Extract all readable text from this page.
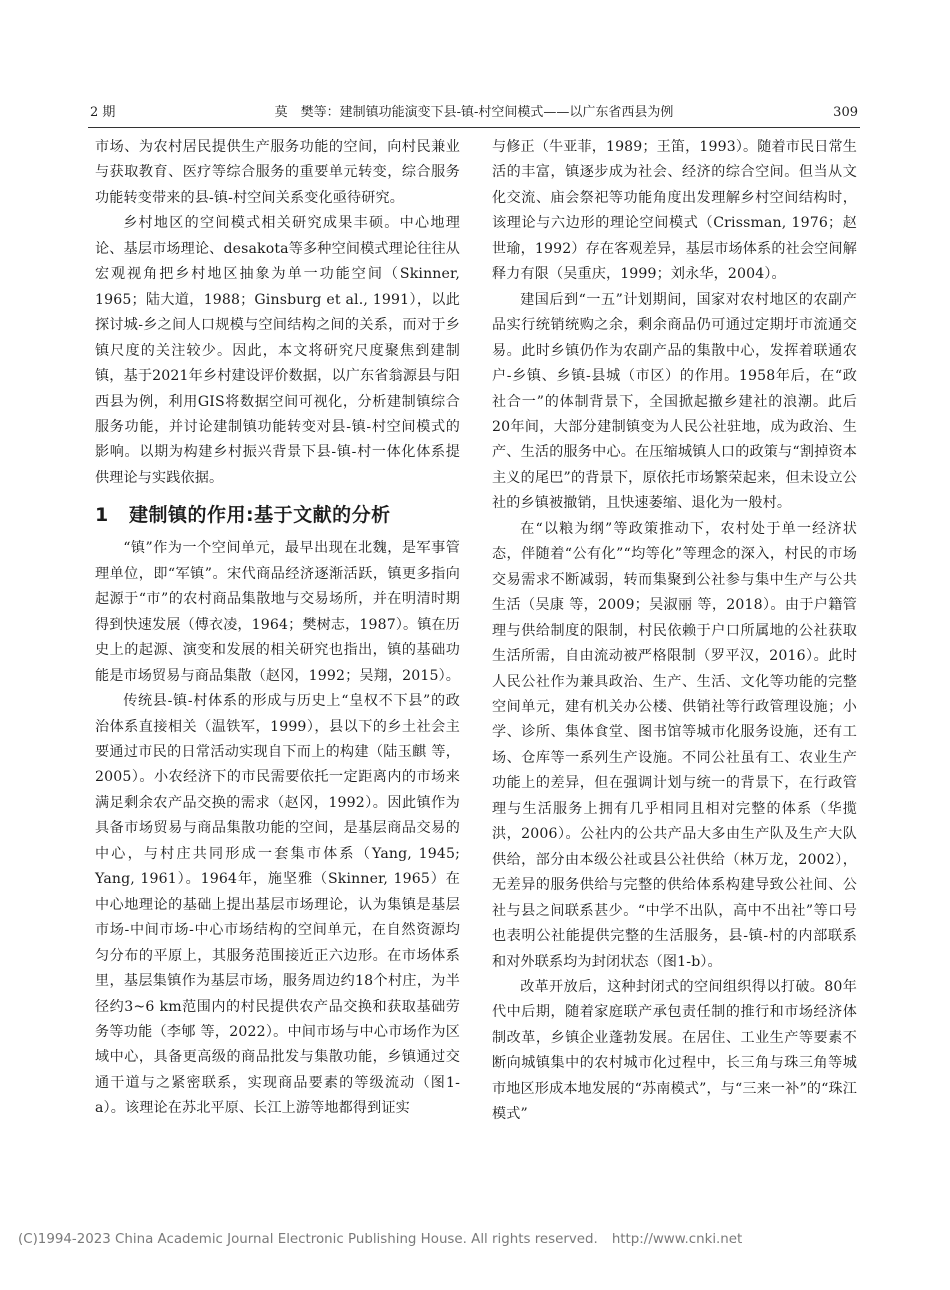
2 期	莫　樊等：建制镇功能演变下县-镇-村空间模式——以广东省西县为例	309

市场、为农村居民提供生产服务功能的空间，向村民兼业与获取教育、医疗等综合服务的重要单元转变，综合服务功能转变带来的县-镇-村空间关系变化亟待研究。

乡村地区的空间模式相关研究成果丰硕。中心地理论、基层市场理论、desakota等多种空间模式理论往往从宏观视角把乡村地区抽象为单一功能空间（Skinner, 1965；陆大道，1988；Ginsburg et al., 1991），以此探讨城-乡之间人口规模与空间结构之间的关系，而对于乡镇尺度的关注较少。因此，本文将研究尺度聚焦到建制镇，基于2021年乡村建设评价数据，以广东省翁源县与阳西县为例，利用GIS将数据空间可视化，分析建制镇综合服务功能，并讨论建制镇功能转变对县-镇-村空间模式的影响。以期为构建乡村振兴背景下县-镇-村一体化体系提供理论与实践依据。

1 建制镇的作用:基于文献的分析

“镇”作为一个空间单元，最早出现在北魏，是军事管理单位，即“军镇”。宋代商品经济逐渐活跃，镇更多指向起源于“市”的农村商品集散地与交易场所，并在明清时期得到快速发展（傅衣凌，1964；樊树志，1987）。镇在历史上的起源、演变和发展的相关研究也指出，镇的基础功能是市场贸易与商品集散（赵冈，1992；吴翔，2015）。

传统县-镇-村体系的形成与历史上“皇权不下县”的政治体系直接相关（温铁军，1999），县以下的乡土社会主要通过市民的日常活动实现自下而上的构建（陆玉麒 等，2005）。小农经济下的市民需要依托一定距离内的市场来满足剩余农产品交换的需求（赵冈，1992）。因此镇作为具备市场贸易与商品集散功能的空间，是基层商品交易的中心，与村庄共同形成一套集市体系（Yang, 1945; Yang, 1961）。1964年，施坚雅（Skinner, 1965）在中心地理论的基础上提出基层市场理论，认为集镇是基层市场-中间市场-中心市场结构的空间单元，在自然资源均匀分布的平原上，其服务范围接近正六边形。在市场体系里，基层集镇作为基层市场，服务周边约18个村庄，为半径约3~6 km范围内的村民提供农产品交换和获取基础劳务等功能（李郇 等，2022）。中间市场与中心市场作为区域中心，具备更高级的商品批发与集散功能，乡镇通过交通干道与之紧密联系，实现商品要素的等级流动（图1-a）。该理论在苏北平原、长江上游等地都得到证实

与修正（牛亚菲，1989；王笛，1993）。随着市民日常生活的丰富，镇逐步成为社会、经济的综合空间。但当从文化交流、庙会祭祀等功能角度出发理解乡村空间结构时，该理论与六边形的理论空间模式（Crissman, 1976；赵世瑜，1992）存在客观差异，基层市场体系的社会空间解释力有限（吴重庆，1999；刘永华，2004）。

建国后到“一五”计划期间，国家对农村地区的农副产品实行统销统购之余，剩余商品仍可通过定期圩市流通交易。此时乡镇仍作为农副产品的集散中心，发挥着联通农户-乡镇、乡镇-县城（市区）的作用。1958年后，在“政社合一”的体制背景下，全国掀起撤乡建社的浪潮。此后20年间，大部分建制镇变为人民公社驻地，成为政治、生产、生活的服务中心。在压缩城镇人口的政策与“割掉资本主义的尾巴”的背景下，原依托市场繁荣起来，但未设立公社的乡镇被撤销，且快速萎缩、退化为一般村。

在“以粮为纲”等政策推动下，农村处于单一经济状态，伴随着“公有化”“均等化”等理念的深入，村民的市场交易需求不断减弱，转而集聚到公社参与集中生产与公共生活（吴康 等，2009；吴淑丽 等，2018）。由于户籍管理与供给制度的限制，村民依赖于户口所属地的公社获取生活所需，自由流动被严格限制（罗平汉，2016）。此时人民公社作为兼具政治、生产、生活、文化等功能的完整空间单元，建有机关办公楼、供销社等行政管理设施；小学、诊所、集体食堂、图书馆等城市化服务设施，还有工场、仓库等一系列生产设施。不同公社虽有工、农业生产功能上的差异，但在强调计划与统一的背景下，在行政管理与生活服务上拥有几乎相同且相对完整的体系（华揽洪，2006）。公社内的公共产品大多由生产队及生产大队供给，部分由本级公社或县公社供给（林万龙，2002），无差异的服务供给与完整的供给体系构建导致公社间、公社与县之间联系甚少。“中学不出队，高中不出社”等口号也表明公社能提供完整的生活服务，县-镇-村的内部联系和对外联系均为封闭状态（图1-b）。

改革开放后，这种封闭式的空间组织得以打破。80年代中后期，随着家庭联产承包责任制的推行和市场经济体制改革，乡镇企业蓬勃发展。在居住、工业生产等要素不断向城镇集中的农村城市化过程中，长三角与珠三角等城市地区形成本地发展的“苏南模式”，与“三来一补”的“珠江模式”

(C)1994-2023 China Academic Journal Electronic Publishing House. All rights reserved. http://www.cnki.net
